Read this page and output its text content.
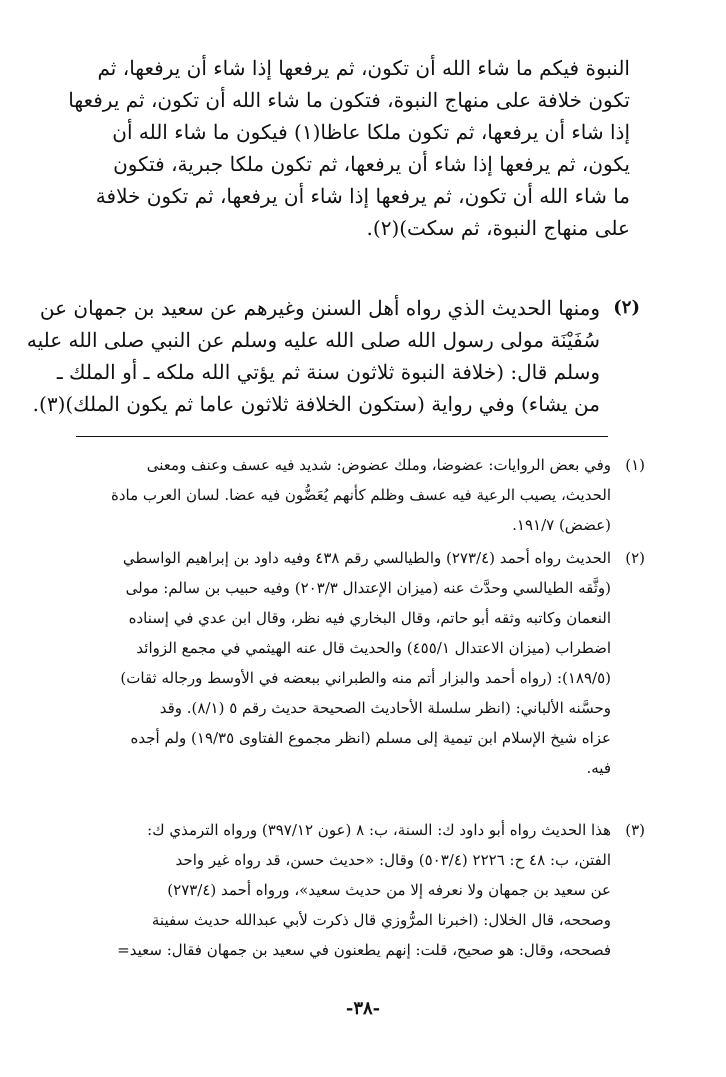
النبوة فيكم ما شاء الله أن تكون، ثم يرفعها إذا شاء أن يرفعها، ثم
تكون خلافة على منهاج النبوة، فتكون ما شاء الله أن تكون، ثم يرفعها
إذا شاء أن يرفعها، ثم تكون ملكا عاظا(١) فيكون ما شاء الله أن
يكون، ثم يرفعها إذا شاء أن يرفعها، ثم تكون ملكا جبرية، فتكون
ما شاء الله أن تكون، ثم يرفعها إذا شاء أن يرفعها، ثم تكون خلافة
على منهاج النبوة، ثم سكت)(٢).
(٢)
ومنها الحديث الذي رواه أهل السنن وغيرهم عن سعيد بن جمهان عن
سُفَيْنَة مولى رسول الله صلى الله عليه وسلم عن النبي صلى الله عليه
وسلم قال: (خلافة النبوة ثلاثون سنة ثم يؤتي الله ملكه ـ أو الملك ـ
من يشاء) وفي رواية (ستكون الخلافة ثلاثون عاما ثم يكون الملك)(٣).
(١)
وفي بعض الروايات: عضوضا، وملك عضوض: شديد فيه عسف وعنف ومعنى
الحديث، يصيب الرعية فيه عسف وظلم كأنهم يُعَضُّون فيه عضا. لسان العرب مادة
(عضض) ١٩١/٧.
(٢)
الحديث رواه أحمد (٢٧٣/٤) والطيالسي رقم ٤٣٨ وفيه داود بن إبراهيم الواسطي
(وثَّقه الطيالسي وحدَّث عنه (ميزان الإعتدال ٢٠٣/٣) وفيه حبيب بن سالم: مولى
النعمان وكاتبه وثقه أبو حاتم، وقال البخاري فيه نظر، وقال ابن عدي في إسناده
اضطراب (ميزان الاعتدال ٤٥٥/١) والحديث قال عنه الهيثمي في مجمع الزوائد
(١٨٩/٥): (رواه أحمد والبزار أتم منه والطبراني ببعضه في الأوسط ورجاله ثقات)
وحسَّنه الألباني: (انظر سلسلة الأحاديث الصحيحة حديث رقم ٥ (٨/١). وقد
عزاه شيخ الإسلام ابن تيمية إلى مسلم (انظر مجموع الفتاوى ١٩/٣٥) ولم أجده
فيه.
(٣)
هذا الحديث رواه أبو داود ك: السنة، ب: ٨ (عون ٣٩٧/١٢) ورواه الترمذي ك:
الفتن، ب: ٤٨ ح: ٢٢٢٦ (٥٠٣/٤) وقال: «حديث حسن، قد رواه غير واحد
عن سعيد بن جمهان ولا نعرفه إلا من حديث سعيد»، ورواه أحمد (٢٧٣/٤)
وصححه، قال الخلال: (اخبرنا المرُّوزي قال ذكرت لأبي عبدالله حديث سفينة
فصححه، وقال: هو صحيح، قلت: إنهم يطعنون في سعيد بن جمهان فقال: سعيد=
-٣٨-
